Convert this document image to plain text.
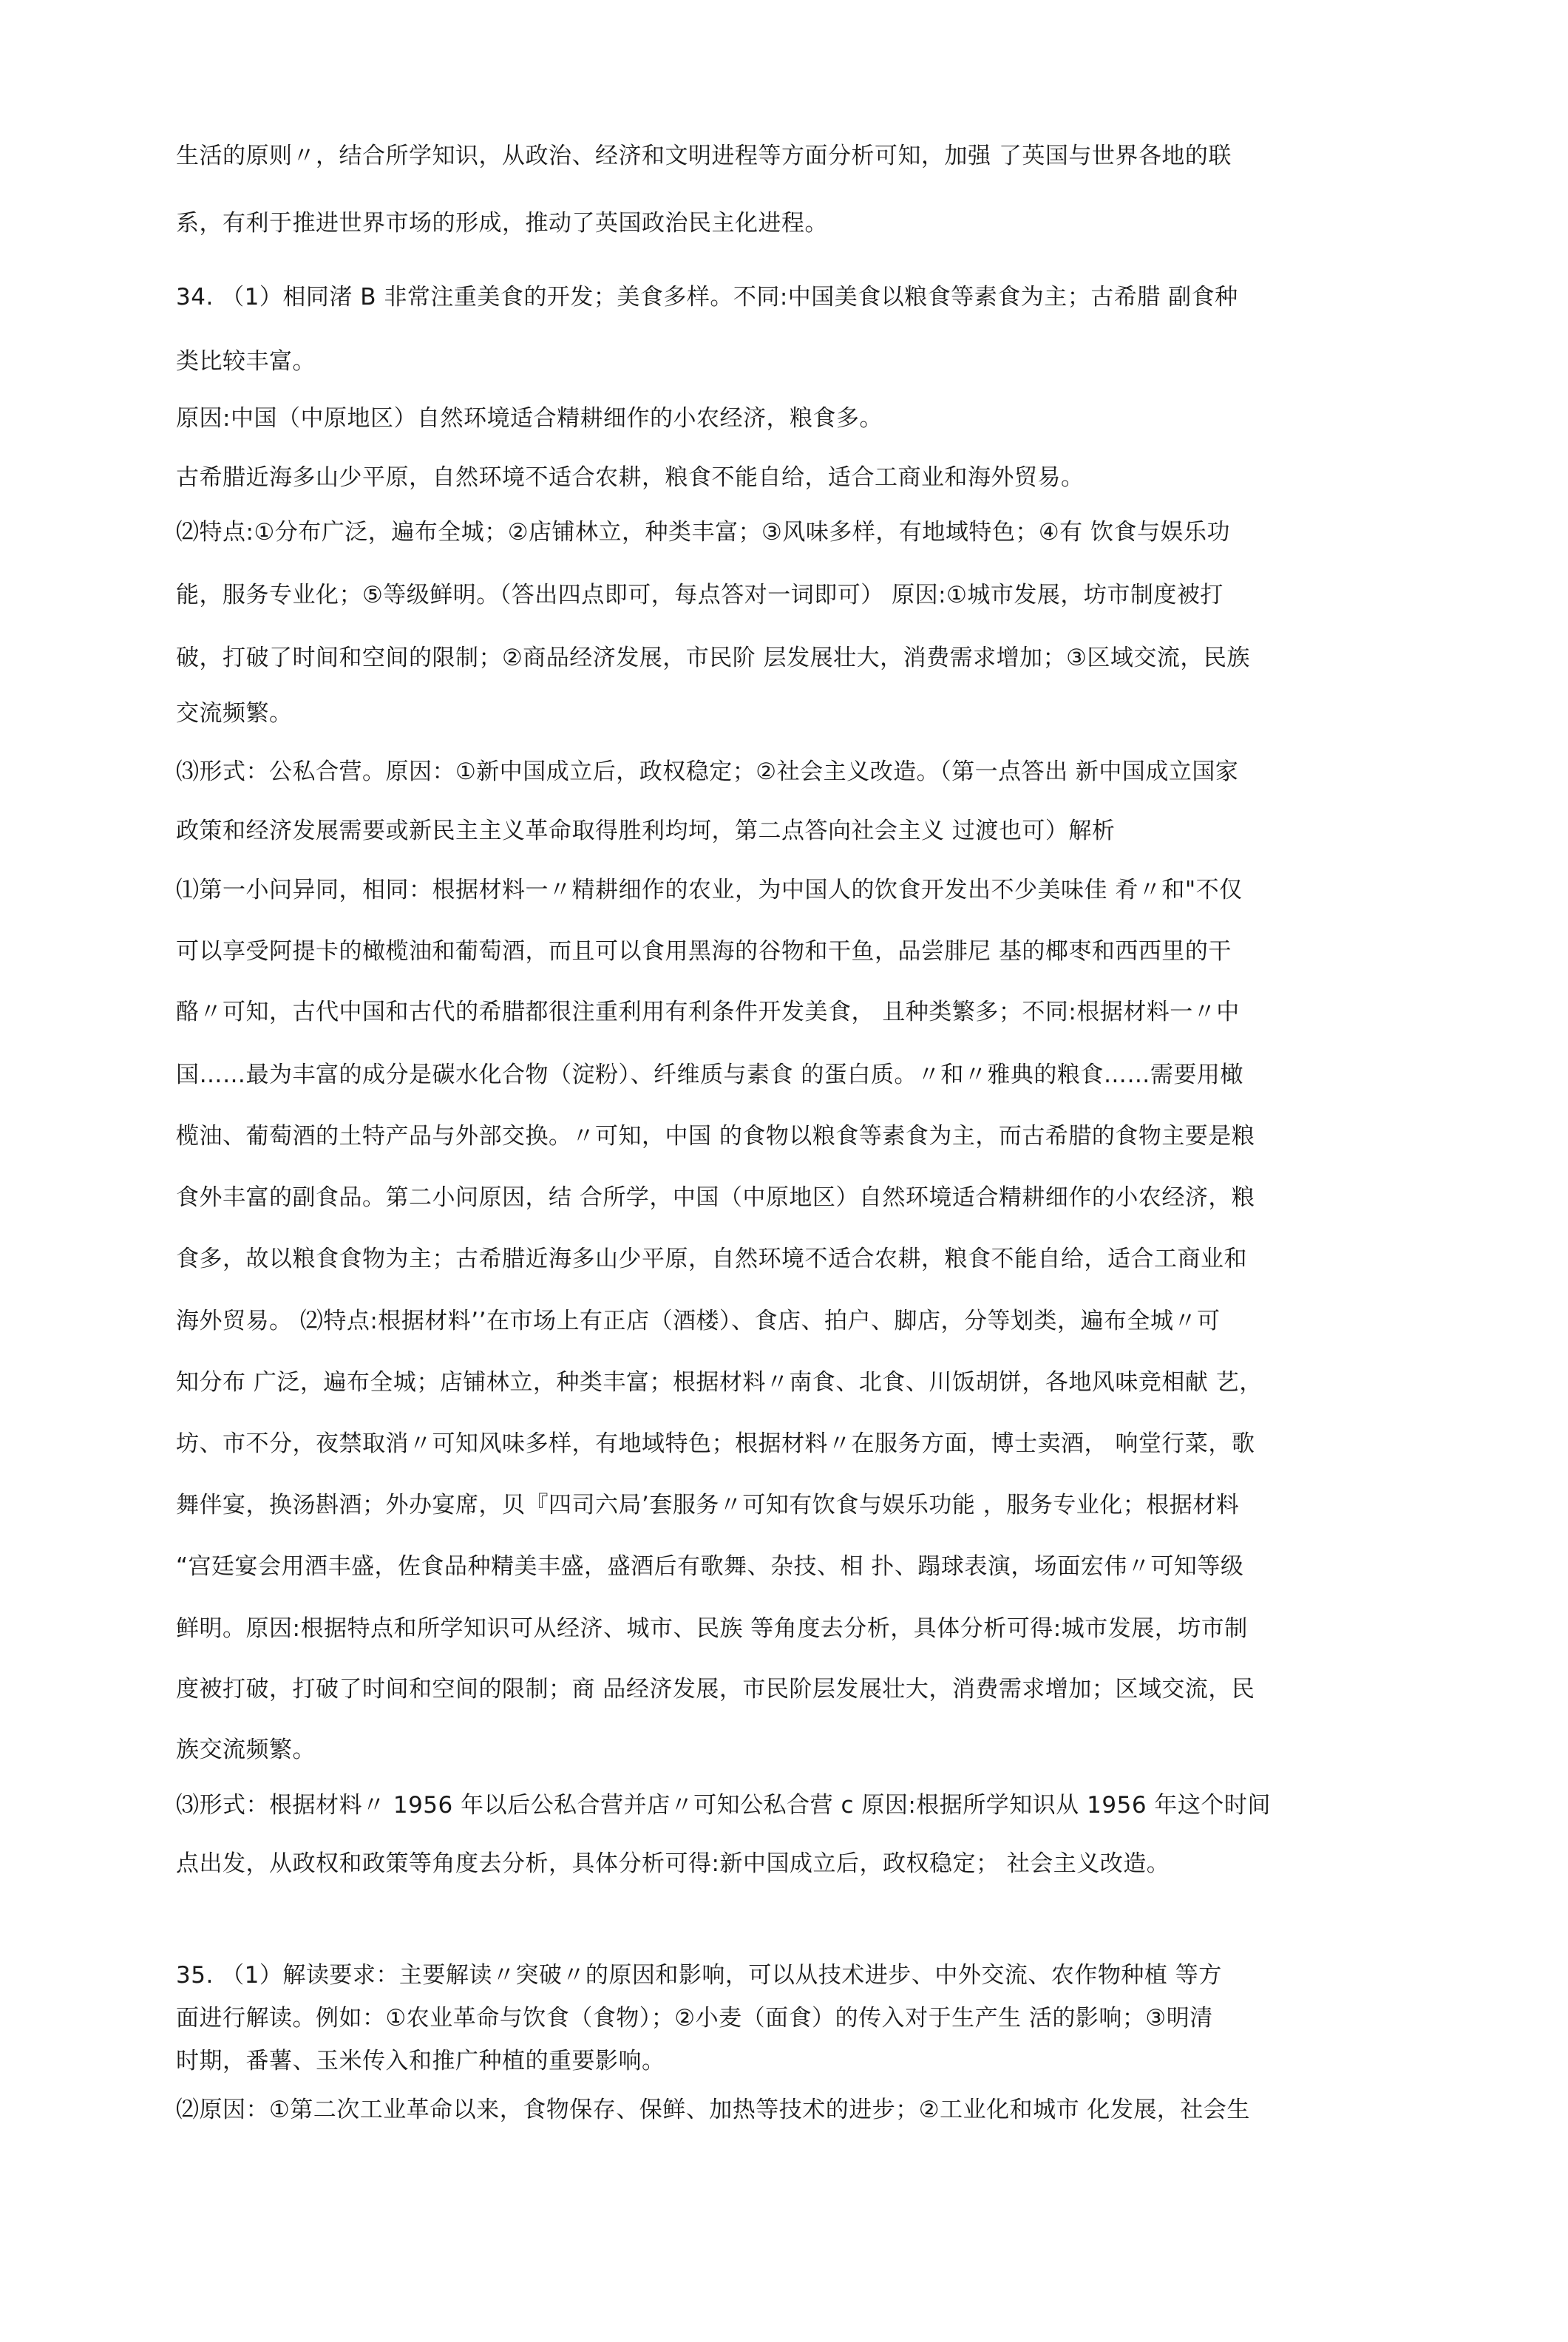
生活的原则〃，结合所学知识，从政治、经济和文明进程等方面分析可知，加强 了英国与世界各地的联
系，有利于推进世界市场的形成，推动了英国政治民主化进程。
34. （1）相同渚 B 非常注重美食的开发；美食多样。不同:中国美食以粮食等素食为主；古希腊 副食种
类比较丰富。
原因:中国（中原地区）自然环境适合精耕细作的小农经济，粮食多。
古希腊近海多山少平原，自然环境不适合农耕，粮食不能自给，适合工商业和海外贸易。
⑵特点:①分布广泛，遍布全城；②店铺林立，种类丰富；③风味多样，有地域特色；④有 饮食与娱乐功
能，服务专业化；⑤等级鲜明。（答出四点即可，每点答对一词即可） 原因:①城市发展，坊市制度被打
破，打破了时间和空间的限制；②商品经济发展，市民阶 层发展壮大，消费需求增加；③区域交流，民族
交流频繁。
⑶形式：公私合营。原因：①新中国成立后，政权稳定；②社会主义改造。（第一点答出 新中国成立国家
政策和经济发展需要或新民主主义革命取得胜利均坷，第二点答向社会主义 过渡也可）解析
⑴第一小问异同，相同：根据材料一〃精耕细作的农业，为中国人的饮食开发出不少美味佳 肴〃和"不仅
可以享受阿提卡的橄榄油和葡萄酒，而且可以食用黑海的谷物和干鱼，品尝腓尼 基的椰枣和西西里的干
酪〃可知，古代中国和古代的希腊都很注重利用有利条件开发美食， 且种类繁多；不同:根据材料一〃中
国……最为丰富的成分是碳水化合物（淀粉）、纤维质与素食 的蛋白质。〃和〃雅典的粮食……需要用橄
榄油、葡萄酒的土特产品与外部交换。〃可知，中国 的食物以粮食等素食为主，而古希腊的食物主要是粮
食外丰富的副食品。第二小问原因，结 合所学，中国（中原地区）自然环境适合精耕细作的小农经济，粮
食多，故以粮食食物为主；古希腊近海多山少平原，自然环境不适合农耕，粮食不能自给，适合工商业和
海外贸易。 ⑵特点:根据材料’’在市场上有正店（酒楼）、食店、拍户、脚店，分等划类，遍布全城〃可
知分布 广泛，遍布全城；店铺林立，种类丰富；根据材料〃南食、北食、川饭胡饼，各地风味竞相献 艺，
坊、市不分，夜禁取消〃可知风味多样，有地域特色；根据材料〃在服务方面，博士卖酒， 响堂行菜，歌
舞伴宴，换汤斟酒；外办宴席，贝『四司六局’套服务〃可知有饮食与娱乐功能 ，服务专业化；根据材料
“宫廷宴会用酒丰盛，佐食品种精美丰盛，盛酒后有歌舞、杂技、相 扑、蹋球表演，场面宏伟〃可知等级
鲜明。原因:根据特点和所学知识可从经济、城市、民族 等角度去分析，具体分析可得:城市发展，坊市制
度被打破，打破了时间和空间的限制；商 品经济发展，市民阶层发展壮大，消费需求增加；区域交流，民
族交流频繁。
⑶形式：根据材料〃 1956 年以后公私合营并店〃可知公私合营 c 原因:根据所学知识从 1956 年这个时间
点出发，从政权和政策等角度去分析，具体分析可得:新中国成立后，政权稳定； 社会主义改造。
35. （1）解读要求：主要解读〃突破〃的原因和影响，可以从技术进步、中外交流、农作物种植 等方
面进行解读。例如：①农业革命与饮食（食物）；②小麦（面食）的传入对于生产生 活的影响；③明清
时期，番薯、玉米传入和推广种植的重要影响。
⑵原因：①第二次工业革命以来，食物保存、保鲜、加热等技术的进步；②工业化和城市 化发展，社会生
